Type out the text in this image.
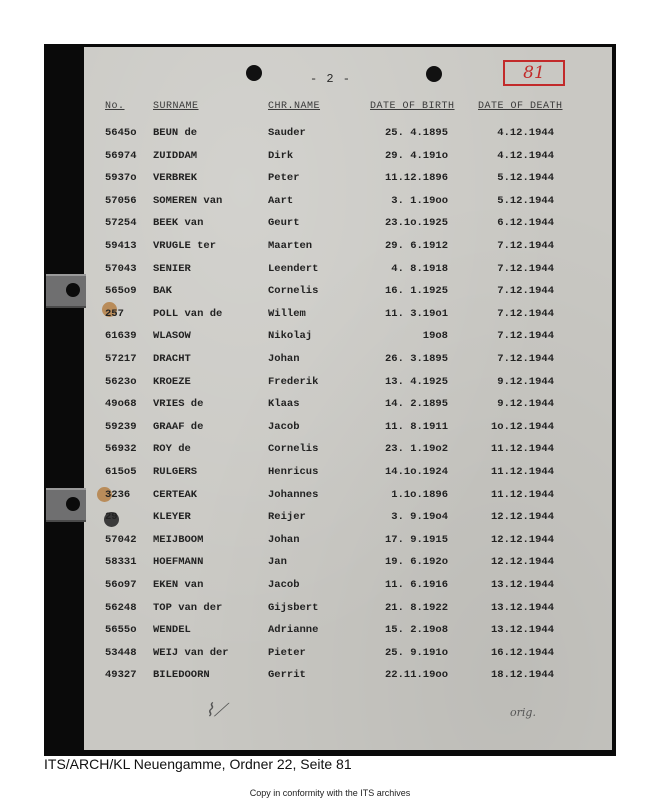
- 2 -	81
No.	SURNAME	CHR.NAME	DATE OF BIRTH DATE OF DEATH
5645o BEUN de	Sauder	25. 4.1895	4.12.1944
56974 ZUIDDAM	Dirk	29. 4.191o	4.12.1944
5937o VERBREK	Peter	11.12.1896	5.12.1944
57056 SOMEREN van	Aart	3. 1.19oo	5.12.1944
57254 BEEK van	Geurt	23.1o.1925	6.12.1944
59413 VRUGLE ter	Maarten	29. 6.1912	7.12.1944
57043 SENIER	Leendert	4. 8.1918	7.12.1944
565o9 BAK	Cornelis	16. 1.1925	7.12.1944
257	POLL van de	Willem	11. 3.19o1	7.12.1944
61639 WLASOW	Nikolaj	19o8	7.12.1944
57217 DRACHT	Johan	26. 3.1895	7.12.1944
5623o KROEZE	Frederik	13. 4.1925	9.12.1944
49o68 VRIES de	Klaas	14. 2.1895	9.12.1944
59239 GRAAF de	Jacob	11. 8.1911	1o.12.1944
56932 ROY de	Cornelis	23. 1.19o2	11.12.1944
615o5 RULGERS	Henricus	14.1o.1924	11.12.1944
3236 CERTEAK	Johannes	1.1o.1896	11.12.1944
29	KLEYER	Reijer	3. 9.19o4	12.12.1944
57042 MEIJBOOM	Johan	17. 9.1915	12.12.1944
58331 HOEFMANN	Jan	19. 6.192o	12.12.1944
56o97 EKEN van	Jacob	11. 6.1916	13.12.1944
56248 TOP van der	Gijsbert	21. 8.1922	13.12.1944
5655o WENDEL	Adrianne	15. 2.19o8	13.12.1944
53448 WEIJ van der	Pieter	25. 9.191o	16.12.1944
49327 BILEDOORN	Gerrit	22.11.19oo	18.12.1944
⌇⟋	orig.
ITS/ARCH/KL Neuengamme, Ordner 22, Seite 81
Copy in conformity with the ITS archives
